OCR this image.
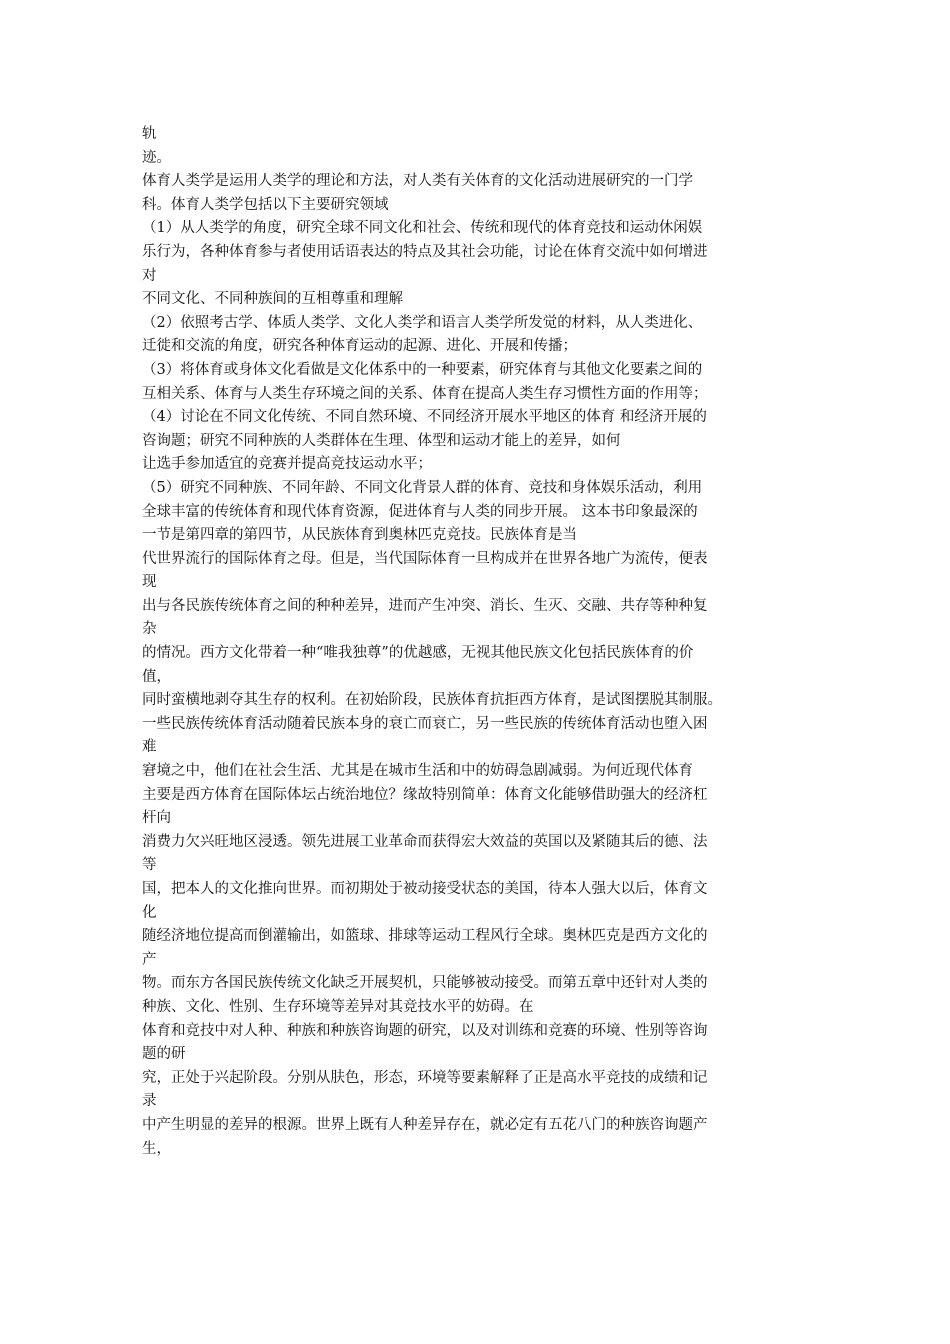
轨
迹。
体育人类学是运用人类学的理论和方法，对人类有关体育的文化活动进展研究的一门学
科。体育人类学包括以下主要研究领域
（1）从人类学的角度，研究全球不同文化和社会、传统和现代的体育竞技和运动休闲娱
乐行为，各种体育参与者使用话语表达的特点及其社会功能，讨论在体育交流中如何增进
对
不同文化、不同种族间的互相尊重和理解
（2）依照考古学、体质人类学、文化人类学和语言人类学所发觉的材料，从人类进化、
迁徙和交流的角度，研究各种体育运动的起源、进化、开展和传播；
（3）将体育或身体文化看做是文化体系中的一种要素，研究体育与其他文化要素之间的
互相关系、体育与人类生存环境之间的关系、体育在提高人类生存习惯性方面的作用等；
（4）讨论在不同文化传统、不同自然环境、不同经济开展水平地区的体育 和经济开展的
咨询题；研究不同种族的人类群体在生理、体型和运动才能上的差异，如何
让选手参加适宜的竞赛并提高竞技运动水平；
（5）研究不同种族、不同年龄、不同文化背景人群的体育、竞技和身体娱乐活动，利用
全球丰富的传统体育和现代体育资源，促进体育与人类的同步开展。 这本书印象最深的
一节是第四章的第四节，从民族体育到奥林匹克竞技。民族体育是当
代世界流行的国际体育之母。但是，当代国际体育一旦构成并在世界各地广为流传，便表
现
出与各民族传统体育之间的种种差异，进而产生冲突、消长、生灭、交融、共存等种种复
杂
的情况。西方文化带着一种“唯我独尊”的优越感，无视其他民族文化包括民族体育的价
值，
同时蛮横地剥夺其生存的权利。在初始阶段，民族体育抗拒西方体育，是试图摆脱其制服。
一些民族传统体育活动随着民族本身的衰亡而衰亡，另一些民族的传统体育活动也堕入困
难
窘境之中，他们在社会生活、尤其是在城市生活和中的妨碍急剧减弱。为何近现代体育
主要是西方体育在国际体坛占统治地位？缘故特别简单：体育文化能够借助强大的经济杠
杆向
消费力欠兴旺地区浸透。领先进展工业革命而获得宏大效益的英国以及紧随其后的德、法
等
国，把本人的文化推向世界。而初期处于被动接受状态的美国，待本人强大以后，体育文
化
随经济地位提高而倒灌输出，如篮球、排球等运动工程风行全球。奥林匹克是西方文化的
产
物。而东方各国民族传统文化缺乏开展契机，只能够被动接受。而第五章中还针对人类的
种族、文化、性别、生存环境等差异对其竞技水平的妨碍。在
体育和竞技中对人种、种族和种族咨询题的研究，以及对训练和竞赛的环境、性别等咨询
题的研
究，正处于兴起阶段。分别从肤色，形态，环境等要素解释了正是高水平竞技的成绩和记
录
中产生明显的差异的根源。世界上既有人种差异存在，就必定有五花八门的种族咨询题产
生，
